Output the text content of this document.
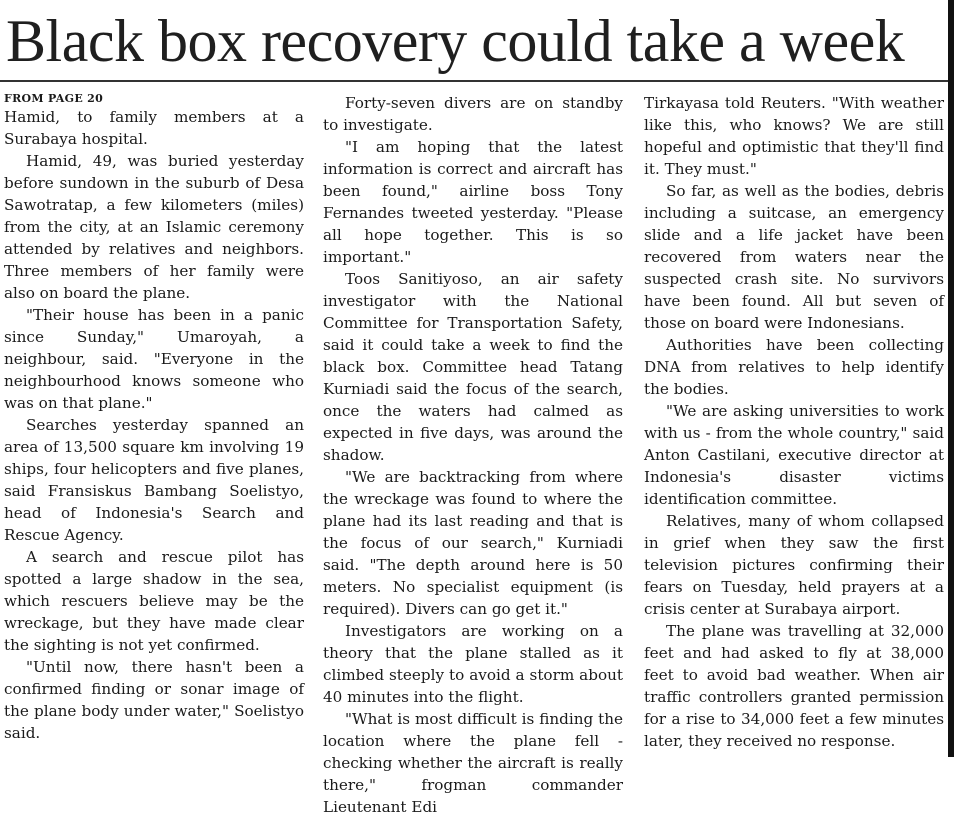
Black box recovery could take a week
FROM PAGE 20

Hamid, to family members at a Surabaya hospital.

Hamid, 49, was buried yesterday before sundown in the suburb of Desa Sawotratap, a few kilometers (miles) from the city, at an Islamic ceremony attended by relatives and neighbors. Three members of her family were also on board the plane.

"Their house has been in a panic since Sunday," Umaroyah, a neighbour, said. "Everyone in the neighbourhood knows someone who was on that plane."

Searches yesterday spanned an area of 13,500 square km involving 19 ships, four helicopters and five planes, said Fransiskus Bambang Soelistyo, head of Indonesia's Search and Rescue Agency.

A search and rescue pilot has spotted a large shadow in the sea, which rescuers believe may be the wreckage, but they have made clear the sighting is not yet confirmed.

"Until now, there hasn't been a confirmed finding or sonar image of the plane body under water," Soelistyo said.

Forty-seven divers are on standby to investigate.

"I am hoping that the latest information is correct and aircraft has been found," airline boss Tony Fernandes tweeted yesterday. "Please all hope together. This is so important."

Toos Sanitiyoso, an air safety investigator with the National Committee for Transportation Safety, said it could take a week to find the black box. Committee head Tatang Kurniadi said the focus of the search, once the waters had calmed as expected in five days, was around the shadow.

"We are backtracking from where the wreckage was found to where the plane had its last reading and that is the focus of our search," Kurniadi said. "The depth around here is 50 meters. No specialist equipment (is required). Divers can go get it."

Investigators are working on a theory that the plane stalled as it climbed steeply to avoid a storm about 40 minutes into the flight.

"What is most difficult is finding the location where the plane fell - checking whether the aircraft is really there," frogman commander Lieutenant Edi

Tirkayasa told Reuters. "With weather like this, who knows? We are still hopeful and optimistic that they'll find it. They must."

So far, as well as the bodies, debris including a suitcase, an emergency slide and a life jacket have been recovered from waters near the suspected crash site. No survivors have been found. All but seven of those on board were Indonesians.

Authorities have been collecting DNA from relatives to help identify the bodies.

"We are asking universities to work with us - from the whole country," said Anton Castilani, executive director at Indonesia's disaster victims identification committee.

Relatives, many of whom collapsed in grief when they saw the first television pictures confirming their fears on Tuesday, held prayers at a crisis center at Surabaya airport.

The plane was travelling at 32,000 feet and had asked to fly at 38,000 feet to avoid bad weather. When air traffic controllers granted permission for a rise to 34,000 feet a few minutes later, they received no response.
